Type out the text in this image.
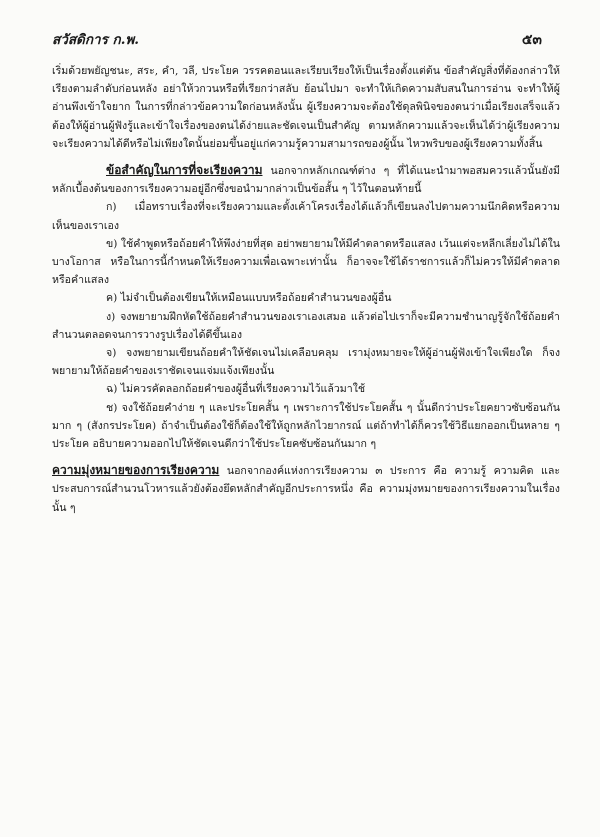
สวัสดิการ ก.พ.	๕๓

เริ่มด้วยพยัญชนะ, สระ, คำ, วลี, ประโยค วรรคตอนและเรียบเรียงให้เป็นเรื่องตั้งแต่ต้น ข้อสำคัญสิ่งที่ต้องกล่าวให้เรียงตามลำดับก่อนหลัง อย่าให้วกวนหรือที่เรียกว่าสลับ ย้อนไปมา จะทำให้เกิดความสับสนในการอ่าน จะทำให้ผู้อ่านพึงเข้าใจยาก ในการที่กล่าวข้อความใดก่อนหลังนั้น ผู้เรียงความจะต้องใช้ดุลพินิจของตนว่าเมื่อเรียงเสร็จแล้วต้องให้ผู้อ่านผู้ฟังรู้และเข้าใจเรื่องของตนได้ง่ายและชัดเจนเป็นสำคัญ ตามหลักความแล้วจะเห็นได้ว่าผู้เรียงความจะเรียงความได้ดีหรือไม่เพียงใดนั้นย่อมขึ้นอยู่แก่ความรู้ความสามารถของผู้นั้น ไหวพริบของผู้เรียงความทั้งสิ้น

ข้อสำคัญในการที่จะเรียงความ นอกจากหลักเกณฑ์ต่าง ๆ ที่ได้แนะนำมาพอสมควรแล้วนั้นยังมีหลักเบื้องต้นของการเรียงความอยู่อีกซึ่งขอนำมากล่าวเป็นข้อสั้น ๆ ไว้ในตอนท้ายนี้

ก) เมื่อทราบเรื่องที่จะเรียงความและตั้งเค้าโครงเรื่องได้แล้วก็เขียนลงไปตามความนึกคิดหรือความเห็นของเราเอง

ข) ใช้คำพูดหรือถ้อยคำให้พึงง่ายที่สุด อย่าพยายามให้มีคำตลาดหรือแสลง เว้นแต่จะหลีกเลี่ยงไม่ได้ในบางโอกาส หรือในการนี้กำหนดให้เรียงความเพื่อเฉพาะเท่านั้น ก็อาจจะใช้ได้ราชการแล้วก็ไม่ควรให้มีคำตลาดหรือคำแสลง

ค) ไม่จำเป็นต้องเขียนให้เหมือนแบบหรือถ้อยคำสำนวนของผู้อื่น

ง) จงพยายามฝึกหัดใช้ถ้อยคำสำนวนของเราเองเสมอ แล้วต่อไปเราก็จะมีความชำนาญรู้จักใช้ถ้อยคำสำนวนตลอดจนการวางรูปเรื่องได้ดีขึ้นเอง

จ) จงพยายามเขียนถ้อยคำให้ชัดเจนไม่เคลือบคลุม เรามุ่งหมายจะให้ผู้อ่านผู้ฟังเข้าใจเพียงใด ก็จงพยายามให้ถ้อยคำของเราชัดเจนแจ่มแจ้งเพียงนั้น

ฉ) ไม่ควรคัดลอกถ้อยคำของผู้อื่นที่เรียงความไว้แล้วมาใช้

ช) จงใช้ถ้อยคำง่าย ๆ และประโยคสั้น ๆ เพราะการใช้ประโยคสั้น ๆ นั้นดีกว่าประโยคยาวซับซ้อนกันมาก ๆ (สังกรประโยค) ถ้าจำเป็นต้องใช้ก็ต้องใช้ให้ถูกหลักไวยากรณ์ แต่ถ้าทำได้ก็ควรใช้วิธีแยกออกเป็นหลาย ๆ ประโยค อธิบายความออกไปให้ชัดเจนดีกว่าใช้ประโยคซับซ้อนกันมาก ๆ

ความมุ่งหมายของการเรียงความ นอกจากองค์แห่งการเรียงความ ๓ ประการ คือ ความรู้ ความคิด และประสบการณ์สำนวนโวหารแล้วยังต้องยึดหลักสำคัญอีกประการหนึ่ง คือ ความมุ่งหมายของการเรียงความในเรื่องนั้น ๆ
